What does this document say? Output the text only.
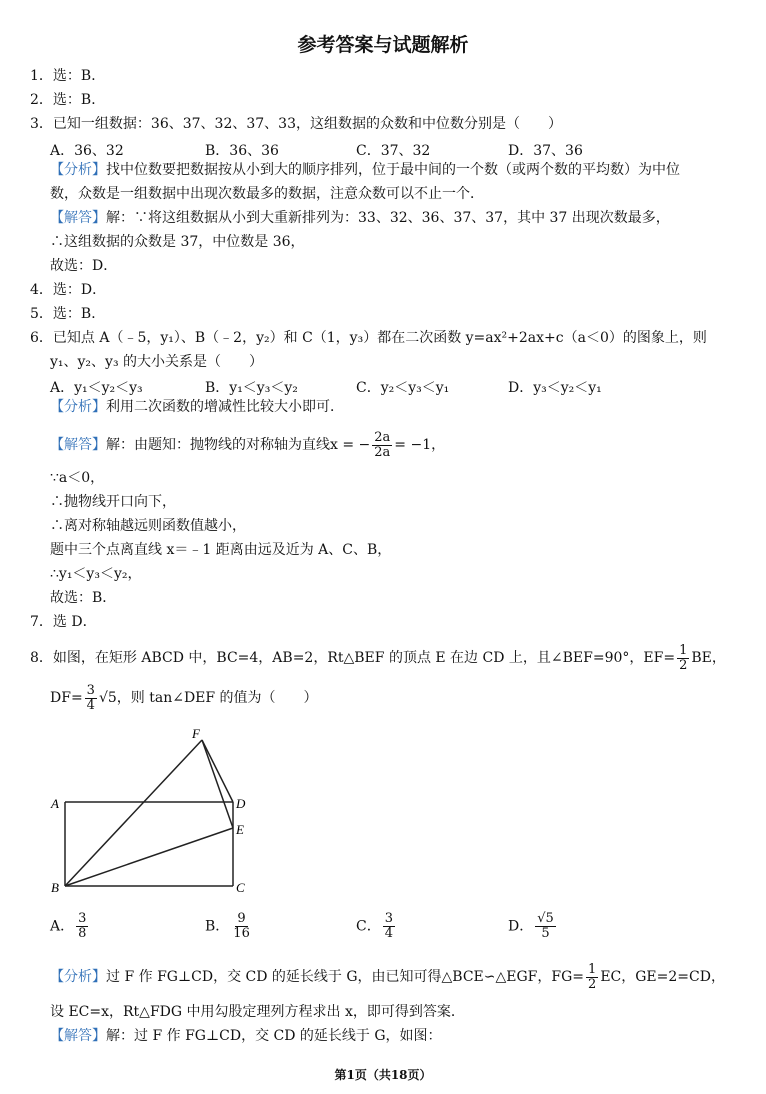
参考答案与试题解析
1．选：B．
2．选：B．
3．已知一组数据：36、37、32、37、33，这组数据的众数和中位数分别是（　　）
A．36、32	B．36、36	C．37、32	D．37、36
【分析】找中位数要把数据按从小到大的顺序排列，位于最中间的一个数（或两个数的平均数）为中位
数，众数是一组数据中出现次数最多的数据，注意众数可以不止一个．
【解答】解：∵将这组数据从小到大重新排列为：33、32、36、37、37，其中 37 出现次数最多，
∴这组数据的众数是 37，中位数是 36，
故选：D．
4．选：D．
5．选：B．
6．已知点 A（﹣5，y₁）、B（﹣2，y₂）和 C（1，y₃）都在二次函数 y=ax²+2ax+c（a＜0）的图象上，则
y₁、y₂、y₃ 的大小关系是（　　）
A．y₁＜y₂＜y₃	B．y₁＜y₃＜y₂	C．y₂＜y₃＜y₁	D．y₃＜y₂＜y₁
【分析】利用二次函数的增减性比较大小即可．
【解答】解：由题知：抛物线的对称轴为直线x = − $\frac{2a}{2a} = -1$，
∵a＜0，
∴抛物线开口向下，
∴离对称轴越远则函数值越小，
题中三个点离直线 x＝﹣1 距离由远及近为 A、C、B，
∴y₁＜y₃＜y₂，
故选：B．
7．选 D．
8．如图，在矩形 ABCD 中，BC=4，AB=2，Rt△BEF 的顶点 E 在边 CD 上，且∠BEF=90°，$EF= \frac{1}{2}$ BE，
$DF= \frac{3}{4} √5$，则 tan∠DEF 的值为（　　）
A
B	C
D
E
F
A． $\frac{3}{8}$	B． $\frac{9}{16}$	C． $\frac{3}{4}$	D． $\frac{√5}{5}$
【分析】过 F 作 FG⊥CD，交 CD 的延长线于 G，由已知可得△BCE∽△EGF，$FG= \frac{1}{2}$ EC，GE=2=CD，
设 EC=x，Rt△FDG 中用勾股定理列方程求出 x，即可得到答案．
【解答】解：过 F 作 FG⊥CD，交 CD 的延长线于 G，如图：
第1页（共18页）
